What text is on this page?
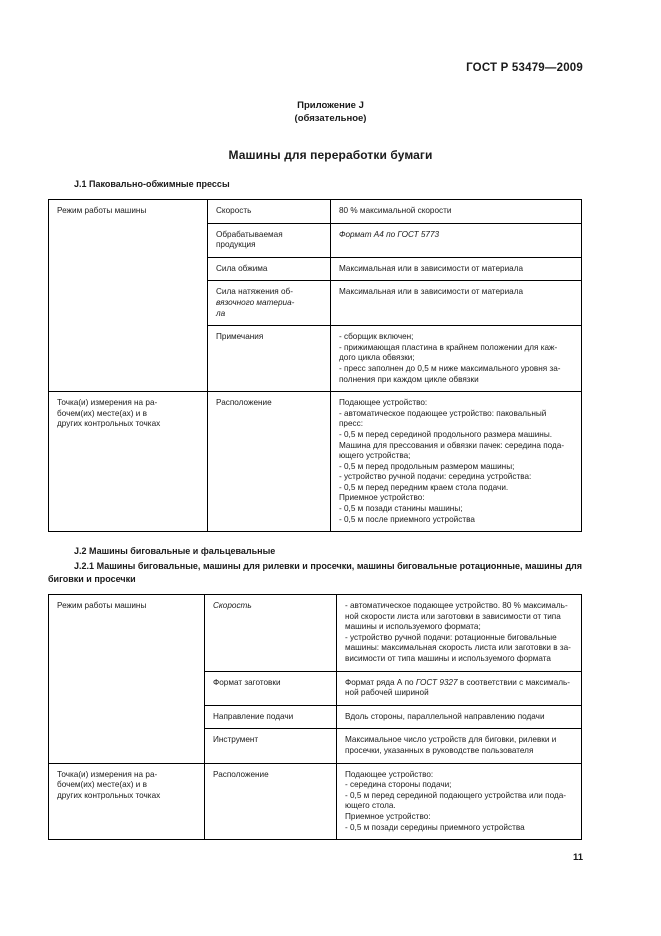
ГОСТ Р 53479—2009
Приложение J
(обязательное)
Машины для переработки бумаги
J.1 Паковально-обжимные прессы
Режим работы машины	Скорость	80 % максимальной скорости

	Обрабатываемая продукция	Формат А4 по ГОСТ 5773

	Сила обжима	Максимальная или в зависимости от материала

	Сила натяжения об-
вязочного материа-
ла	Максимальная или в зависимости от материала

	Примечания	- сборщик включен;
- прижимающая пластина в крайнем положении для каж-
дого цикла обвязки;
- пресс заполнен до 0,5 м ниже максимального уровня за-
полнения при каждом цикле обвязки

Точка(и) измерения на ра-
бочем(их) месте(ах) и в
других контрольных точках
	Расположение	Подающее устройство:
- автоматическое подающее устройство: паковальный
пресс:
- 0,5 м перед серединой продольного размера машины.
Машина для прессования и обвязки пачек: середина пода-
ющего устройства;
- 0,5 м перед продольным размером машины;
- устройство ручной подачи: середина устройства:
- 0,5 м перед передним краем стола подачи.
Приемное устройство:
- 0,5 м позади станины машины;
- 0,5 м после приемного устройства
J.2 Машины биговальные и фальцевальные
J.2.1 Машины биговальные, машины для рилевки и просечки, машины биговальные ротационные, машины для биговки и просечки
Режим работы машины	Скорость	- автоматическое подающее устройство. 80 % максималь-
ной скорости листа или заготовки в зависимости от типа
машины и используемого формата;
- устройство ручной подачи: ротационные биговальные
машины: максимальная скорость листа или заготовки в за-
висимости от типа машины и используемого формата

	Формат заготовки	Формат ряда А по ГОСТ 9327 в соответствии с максималь-
ной рабочей шириной

	Направление подачи	Вдоль стороны, параллельной направлению подачи

	Инструмент	Максимальное число устройств для биговки, рилевки и
просечки, указанных в руководстве пользователя

Точка(и) измерения на ра-
бочем(их) месте(ах) и в
других контрольных точках
	Расположение	Подающее устройство:
- середина стороны подачи;
- 0,5 м перед серединой подающего устройства или пода-
ющего стола.
Приемное устройство:
- 0,5 м позади середины приемного устройства
11
